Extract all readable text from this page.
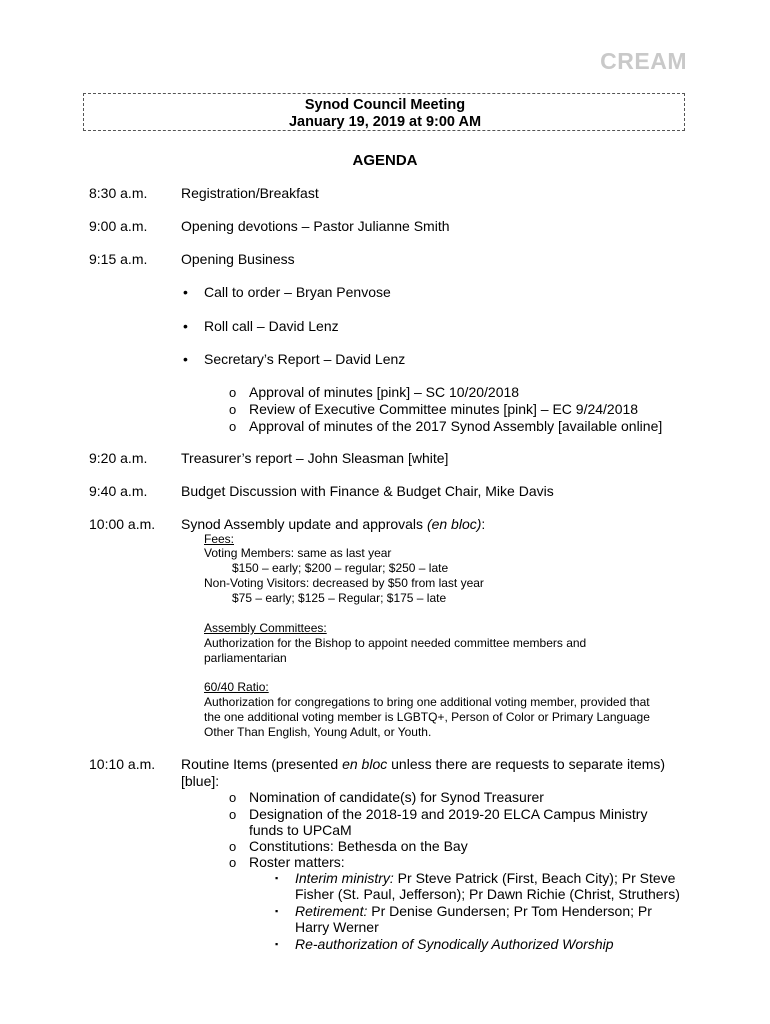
CREAM
Synod Council Meeting
January 19, 2019 at 9:00 AM
AGENDA
8:30 a.m. Registration/Breakfast
9:00 a.m. Opening devotions – Pastor Julianne Smith
9:15 a.m. Opening Business
• Call to order – Bryan Penvose
• Roll call – David Lenz
• Secretary’s Report – David Lenz
o Approval of minutes [pink] – SC 10/20/2018
o Review of Executive Committee minutes [pink] – EC 9/24/2018
o Approval of minutes of the 2017 Synod Assembly [available online]
9:20 a.m. Treasurer’s report – John Sleasman [white]
9:40 a.m. Budget Discussion with Finance & Budget Chair, Mike Davis
10:00 a.m. Synod Assembly update and approvals (en bloc):
Fees:
Voting Members: same as last year
$150 – early; $200 – regular; $250 – late
Non-Voting Visitors: decreased by $50 from last year
$75 – early; $125 – Regular; $175 – late
Assembly Committees:
Authorization for the Bishop to appoint needed committee members and
parliamentarian
60/40 Ratio:
Authorization for congregations to bring one additional voting member, provided that
the one additional voting member is LGBTQ+, Person of Color or Primary Language
Other Than English, Young Adult, or Youth.
10:10 a.m. Routine Items (presented en bloc unless there are requests to separate items)
[blue]:
o Nomination of candidate(s) for Synod Treasurer
o Designation of the 2018-19 and 2019-20 ELCA Campus Ministry
funds to UPCaM
o Constitutions: Bethesda on the Bay
o Roster matters:
▪ Interim ministry: Pr Steve Patrick (First, Beach City); Pr Steve
Fisher (St. Paul, Jefferson); Pr Dawn Richie (Christ, Struthers)
▪ Retirement: Pr Denise Gundersen; Pr Tom Henderson; Pr
Harry Werner
▪ Re-authorization of Synodically Authorized Worship
